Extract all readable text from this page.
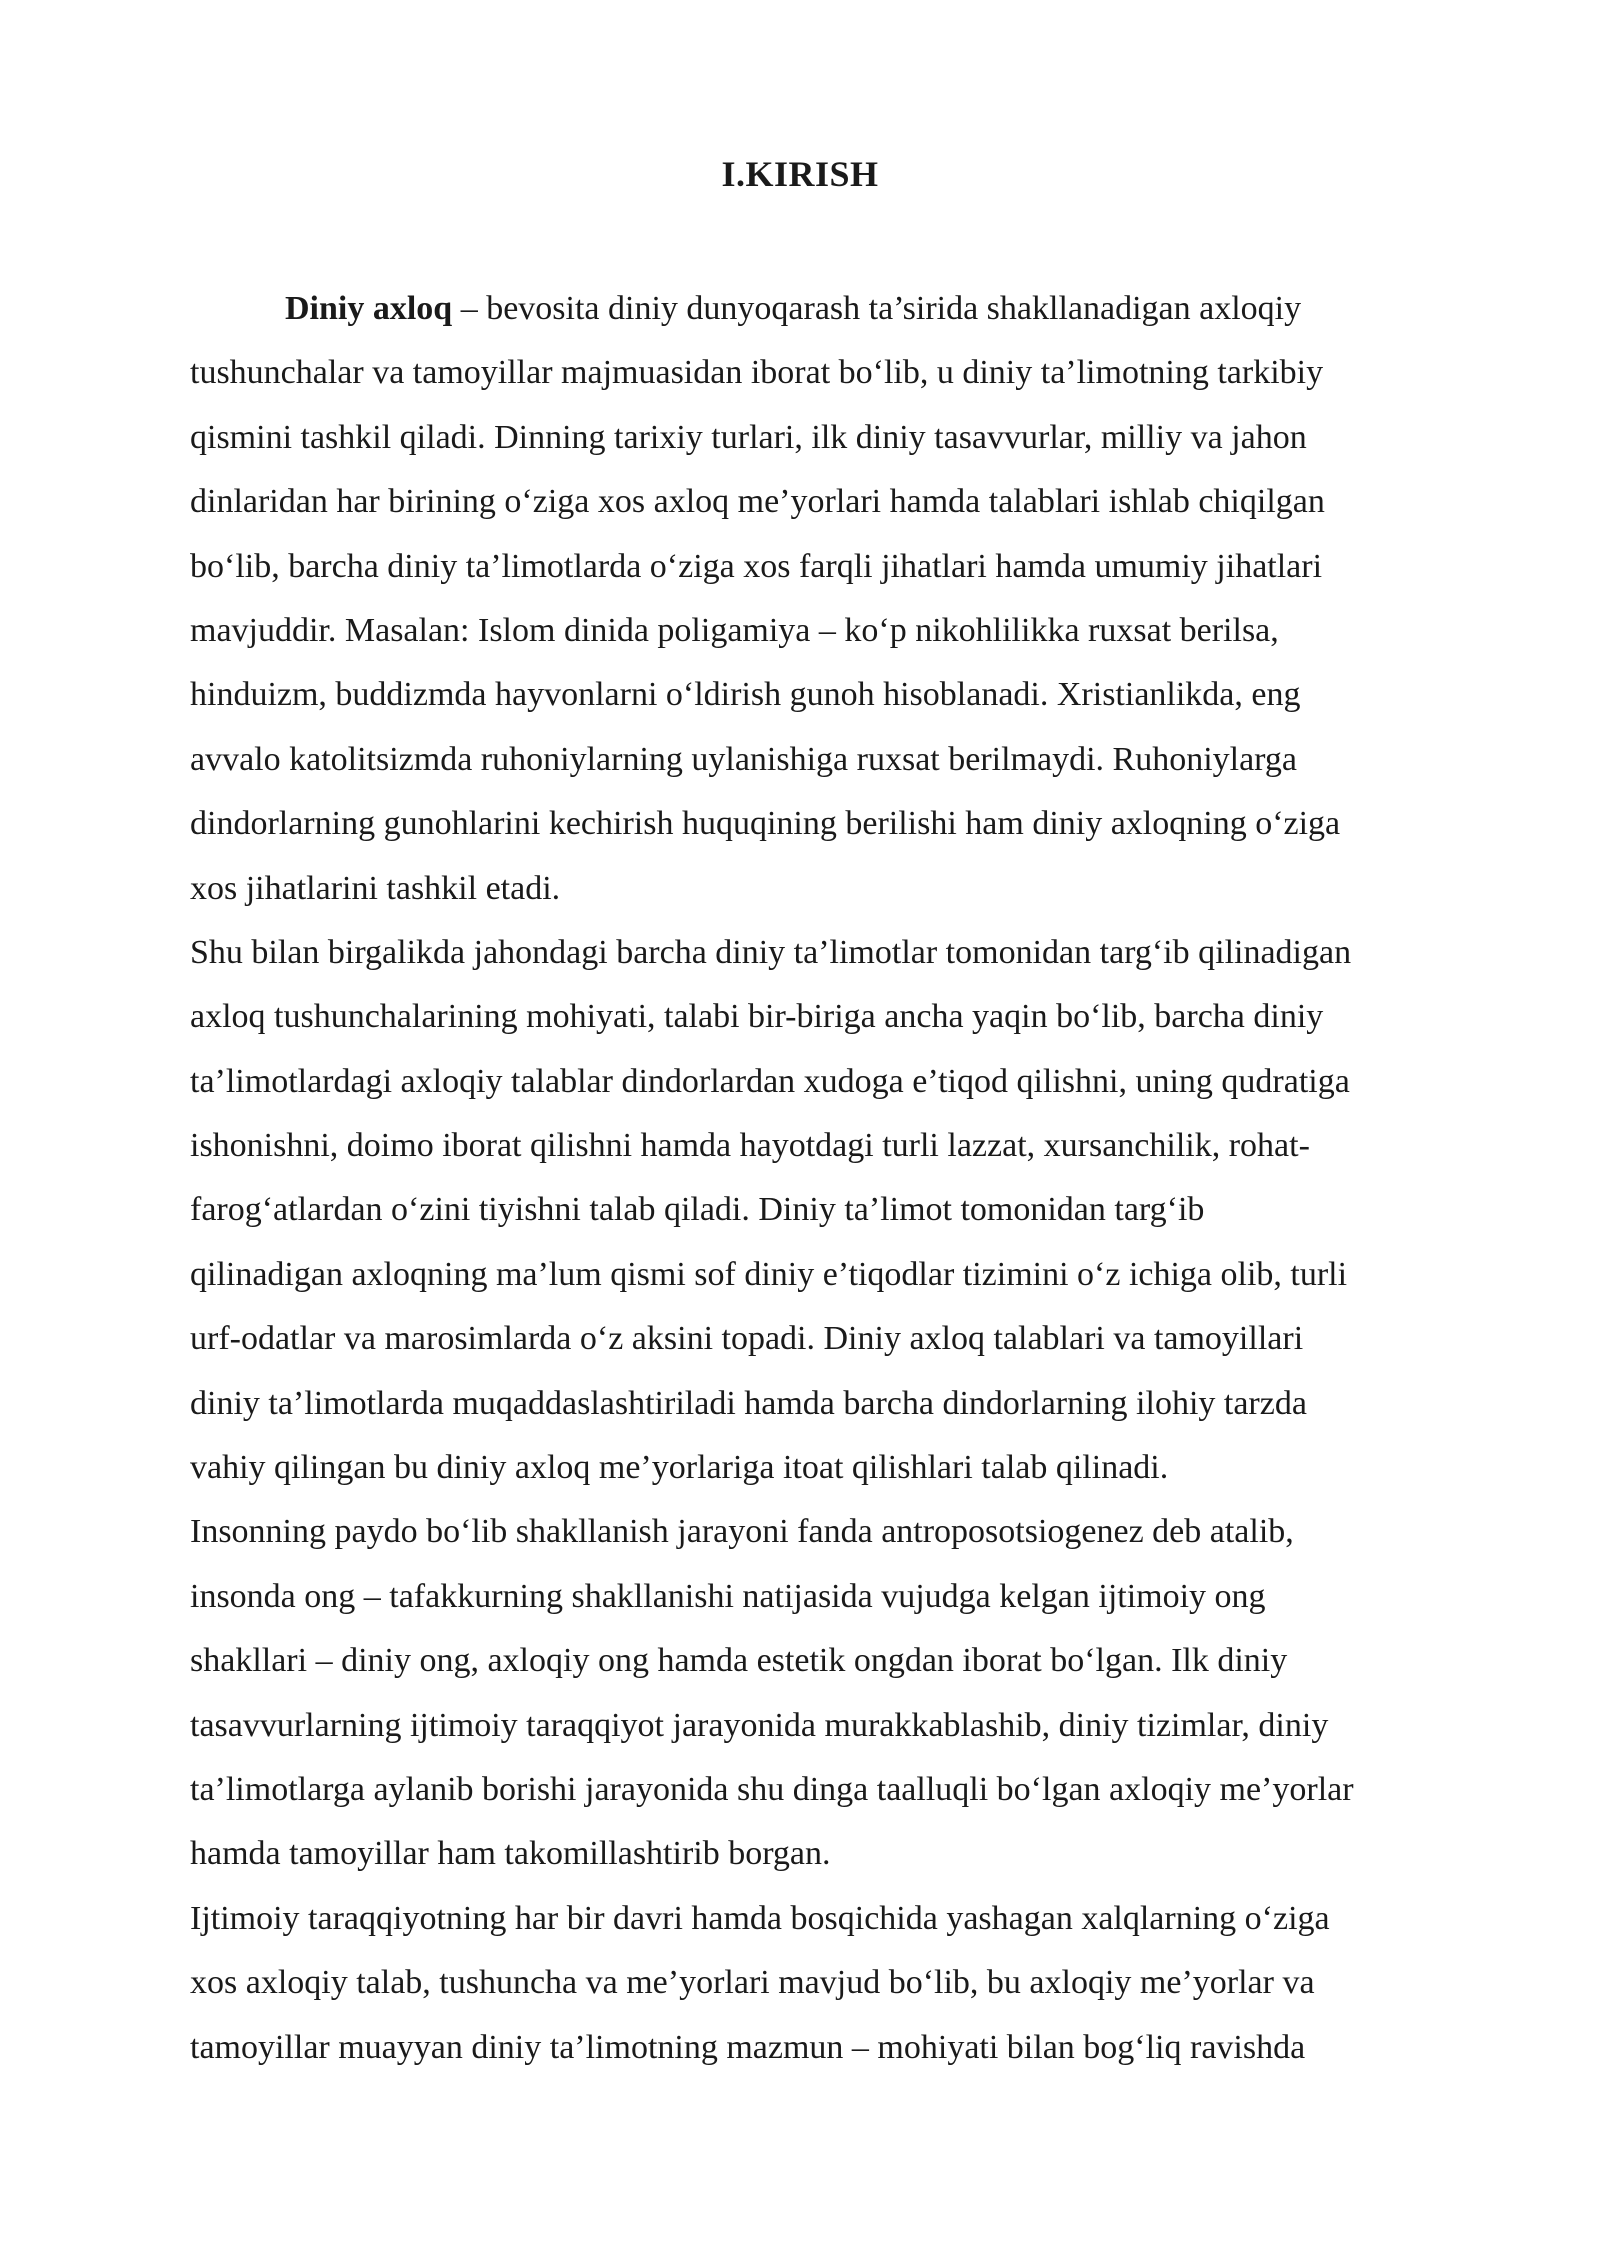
I.KIRISH
Diniy axloq – bevosita diniy dunyoqarash ta’sirida shakllanadigan axloqiy
tushunchalar va tamoyillar majmuasidan iborat bo‘lib, u diniy ta’limotning tarkibiy
qismini tashkil qiladi. Dinning tarixiy turlari, ilk diniy tasavvurlar, milliy va jahon
dinlaridan har birining o‘ziga xos axloq me’yorlari hamda talablari ishlab chiqilgan
bo‘lib, barcha diniy ta’limotlarda o‘ziga xos farqli jihatlari hamda umumiy jihatlari
mavjuddir. Masalan: Islom dinida poligamiya – ko‘p nikohlilikka ruxsat berilsa,
hinduizm, buddizmda hayvonlarni o‘ldirish gunoh hisoblanadi. Xristianlikda, eng
avvalo katolitsizmda ruhoniylarning uylanishiga ruxsat berilmaydi. Ruhoniylarga
dindorlarning gunohlarini kechirish huquqining berilishi ham diniy axloqning o‘ziga
xos jihatlarini tashkil etadi.
Shu bilan birgalikda jahondagi barcha diniy ta’limotlar tomonidan targ‘ib qilinadigan
axloq tushunchalarining mohiyati, talabi bir-biriga ancha yaqin bo‘lib, barcha diniy
ta’limotlardagi axloqiy talablar dindorlardan xudoga e’tiqod qilishni, uning qudratiga
ishonishni, doimo iborat qilishni hamda hayotdagi turli lazzat, xursanchilik, rohat-
farog‘atlardan o‘zini tiyishni talab qiladi. Diniy ta’limot tomonidan targ‘ib
qilinadigan axloqning ma’lum qismi sof diniy e’tiqodlar tizimini o‘z ichiga olib, turli
urf-odatlar va marosimlarda o‘z aksini topadi. Diniy axloq talablari va tamoyillari
diniy ta’limotlarda muqaddaslashtiriladi hamda barcha dindorlarning ilohiy tarzda
vahiy qilingan bu diniy axloq me’yorlariga itoat qilishlari talab qilinadi.
Insonning paydo bo‘lib shakllanish jarayoni fanda antroposotsiogenez deb atalib,
insonda ong – tafakkurning shakllanishi natijasida vujudga kelgan ijtimoiy ong
shakllari – diniy ong, axloqiy ong hamda estetik ongdan iborat bo‘lgan. Ilk diniy
tasavvurlarning ijtimoiy taraqqiyot jarayonida murakkablashib, diniy tizimlar, diniy
ta’limotlarga aylanib borishi jarayonida shu dinga taalluqli bo‘lgan axloqiy me’yorlar
hamda tamoyillar ham takomillashtirib borgan.
Ijtimoiy taraqqiyotning har bir davri hamda bosqichida yashagan xalqlarning o‘ziga
xos axloqiy talab, tushuncha va me’yorlari mavjud bo‘lib, bu axloqiy me’yorlar va
tamoyillar muayyan diniy ta’limotning mazmun – mohiyati bilan bog‘liq ravishda
